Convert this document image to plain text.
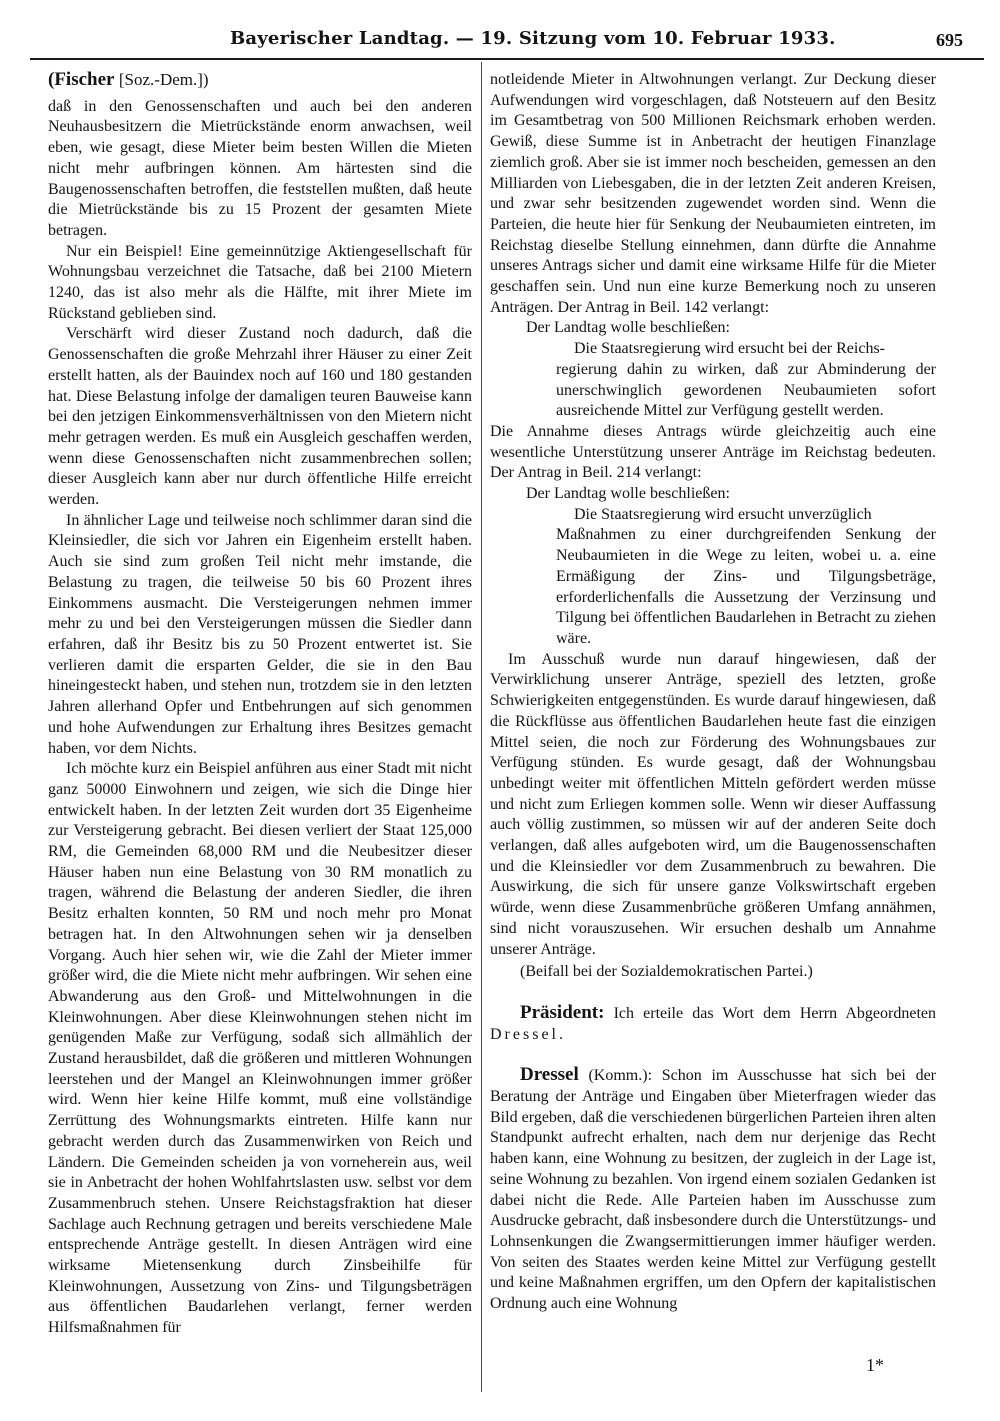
Bayerischer Landtag. — 19. Sitzung vom 10. Februar 1933.	695
(Fischer [Soz.-Dem.])

daß in den Genossenschaften und auch bei den anderen Neuhausbesitzern die Mietrückstände enorm anwachsen, weil eben, wie gesagt, diese Mieter beim besten Willen die Mieten nicht mehr aufbringen können. Am härtesten sind die Baugenossenschaften betroffen, die feststellen mußten, daß heute die Mietrückstände bis zu 15 Prozent der gesamten Miete betragen.

Nur ein Beispiel! Eine gemeinnützige Aktiengesellschaft für Wohnungsbau verzeichnet die Tatsache, daß bei 2100 Mietern 1240, das ist also mehr als die Hälfte, mit ihrer Miete im Rückstand geblieben sind.

Verschärft wird dieser Zustand noch dadurch, daß die Genossenschaften die große Mehrzahl ihrer Häuser zu einer Zeit erstellt hatten, als der Bauindex noch auf 160 und 180 gestanden hat. Diese Belastung infolge der damaligen teuren Bauweise kann bei den jetzigen Einkommensverhältnissen von den Mietern nicht mehr getragen werden. Es muß ein Ausgleich geschaffen werden, wenn diese Genossenschaften nicht zusammenbrechen sollen; dieser Ausgleich kann aber nur durch öffentliche Hilfe erreicht werden.

In ähnlicher Lage und teilweise noch schlimmer daran sind die Kleinsiedler, die sich vor Jahren ein Eigenheim erstellt haben. Auch sie sind zum großen Teil nicht mehr imstande, die Belastung zu tragen, die teilweise 50 bis 60 Prozent ihres Einkommens ausmacht. Die Versteigerungen nehmen immer mehr zu und bei den Versteigerungen müssen die Siedler dann erfahren, daß ihr Besitz bis zu 50 Prozent entwertet ist. Sie verlieren damit die ersparten Gelder, die sie in den Bau hineingesteckt haben, und stehen nun, trotzdem sie in den letzten Jahren allerhand Opfer und Entbehrungen auf sich genommen und hohe Aufwendungen zur Erhaltung ihres Besitzes gemacht haben, vor dem Nichts.

Ich möchte kurz ein Beispiel anführen aus einer Stadt mit nicht ganz 50000 Einwohnern und zeigen, wie sich die Dinge hier entwickelt haben. In der letzten Zeit wurden dort 35 Eigenheime zur Versteigerung gebracht. Bei diesen verliert der Staat 125,000 RM, die Gemeinden 68,000 RM und die Neubesitzer dieser Häuser haben nun eine Belastung von 30 RM monatlich zu tragen, während die Belastung der anderen Siedler, die ihren Besitz erhalten konnten, 50 RM und noch mehr pro Monat betragen hat. In den Altwohnungen sehen wir ja denselben Vorgang. Auch hier sehen wir, wie die Zahl der Mieter immer größer wird, die die Miete nicht mehr aufbringen. Wir sehen eine Abwanderung aus den Groß- und Mittelwohnungen in die Kleinwohnungen. Aber diese Kleinwohnungen stehen nicht im genügenden Maße zur Verfügung, sodaß sich allmählich der Zustand herausbildet, daß die größeren und mittleren Wohnungen leerstehen und der Mangel an Kleinwohnungen immer größer wird. Wenn hier keine Hilfe kommt, muß eine vollständige Zerrüttung des Wohnungsmarkts eintreten. Hilfe kann nur gebracht werden durch das Zusammenwirken von Reich und Ländern. Die Gemeinden scheiden ja von vorneherein aus, weil sie in Anbetracht der hohen Wohlfahrtslasten usw. selbst vor dem Zusammenbruch stehen. Unsere Reichstagsfraktion hat dieser Sachlage auch Rechnung getragen und bereits verschiedene Male entsprechende Anträge gestellt. In diesen Anträgen wird eine wirksame Mietensenkung durch Zinsbeihilfe für Kleinwohnungen, Aussetzung von Zins- und Tilgungsbeträgen aus öffentlichen Baudarlehen verlangt, ferner werden Hilfsmaßnahmen für

notleidende Mieter in Altwohnungen verlangt. Zur Deckung dieser Aufwendungen wird vorgeschlagen, daß Notsteuern auf den Besitz im Gesamtbetrag von 500 Millionen Reichsmark erhoben werden. Gewiß, diese Summe ist in Anbetracht der heutigen Finanzlage ziemlich groß. Aber sie ist immer noch bescheiden, gemessen an den Milliarden von Liebesgaben, die in der letzten Zeit anderen Kreisen, und zwar sehr besitzenden zugewendet worden sind. Wenn die Parteien, die heute hier für Senkung der Neubaumieten eintreten, im Reichstag dieselbe Stellung einnehmen, dann dürfte die Annahme unseres Antrags sicher und damit eine wirksame Hilfe für die Mieter geschaffen sein. Und nun eine kurze Bemerkung noch zu unseren Anträgen. Der Antrag in Beil. 142 verlangt:

Der Landtag wolle beschließen:

Die Staatsregierung wird ersucht bei der Reichs-

regierung dahin zu wirken, daß zur Abminderung der unerschwinglich gewordenen Neubaumieten sofort ausreichende Mittel zur Verfügung gestellt werden.

Die Annahme dieses Antrags würde gleichzeitig auch eine wesentliche Unterstützung unserer Anträge im Reichstag bedeuten. Der Antrag in Beil. 214 verlangt:

Der Landtag wolle beschließen:

Die Staatsregierung wird ersucht unverzüglich

Maßnahmen zu einer durchgreifenden Senkung der Neubaumieten in die Wege zu leiten, wobei u. a. eine Ermäßigung der Zins- und Tilgungsbeträge, erforderlichenfalls die Aussetzung der Verzinsung und Tilgung bei öffentlichen Baudarlehen in Betracht zu ziehen wäre.

Im Ausschuß wurde nun darauf hingewiesen, daß der Verwirklichung unserer Anträge, speziell des letzten, große Schwierigkeiten entgegenstünden. Es wurde darauf hingewiesen, daß die Rückflüsse aus öffentlichen Baudarlehen heute fast die einzigen Mittel seien, die noch zur Förderung des Wohnungsbaues zur Verfügung stünden. Es wurde gesagt, daß der Wohnungsbau unbedingt weiter mit öffentlichen Mitteln gefördert werden müsse und nicht zum Erliegen kommen solle. Wenn wir dieser Auffassung auch völlig zustimmen, so müssen wir auf der anderen Seite doch verlangen, daß alles aufgeboten wird, um die Baugenossenschaften und die Kleinsiedler vor dem Zusammenbruch zu bewahren. Die Auswirkung, die sich für unsere ganze Volkswirtschaft ergeben würde, wenn diese Zusammenbrüche größeren Umfang annähmen, sind nicht vorauszusehen. Wir ersuchen deshalb um Annahme unserer Anträge.

(Beifall bei der Sozialdemokratischen Partei.)

Präsident: Ich erteile das Wort dem Herrn Abgeordneten Dressel.

Dressel (Komm.): Schon im Ausschusse hat sich bei der Beratung der Anträge und Eingaben über Mieterfragen wieder das Bild ergeben, daß die verschiedenen bürgerlichen Parteien ihren alten Standpunkt aufrecht erhalten, nach dem nur derjenige das Recht haben kann, eine Wohnung zu besitzen, der zugleich in der Lage ist, seine Wohnung zu bezahlen. Von irgend einem sozialen Gedanken ist dabei nicht die Rede. Alle Parteien haben im Ausschusse zum Ausdrucke gebracht, daß insbesondere durch die Unterstützungs- und Lohnsenkungen die Zwangsermittierungen immer häufiger werden. Von seiten des Staates werden keine Mittel zur Verfügung gestellt und keine Maßnahmen ergriffen, um den Opfern der kapitalistischen Ordnung auch eine Wohnung

1*
